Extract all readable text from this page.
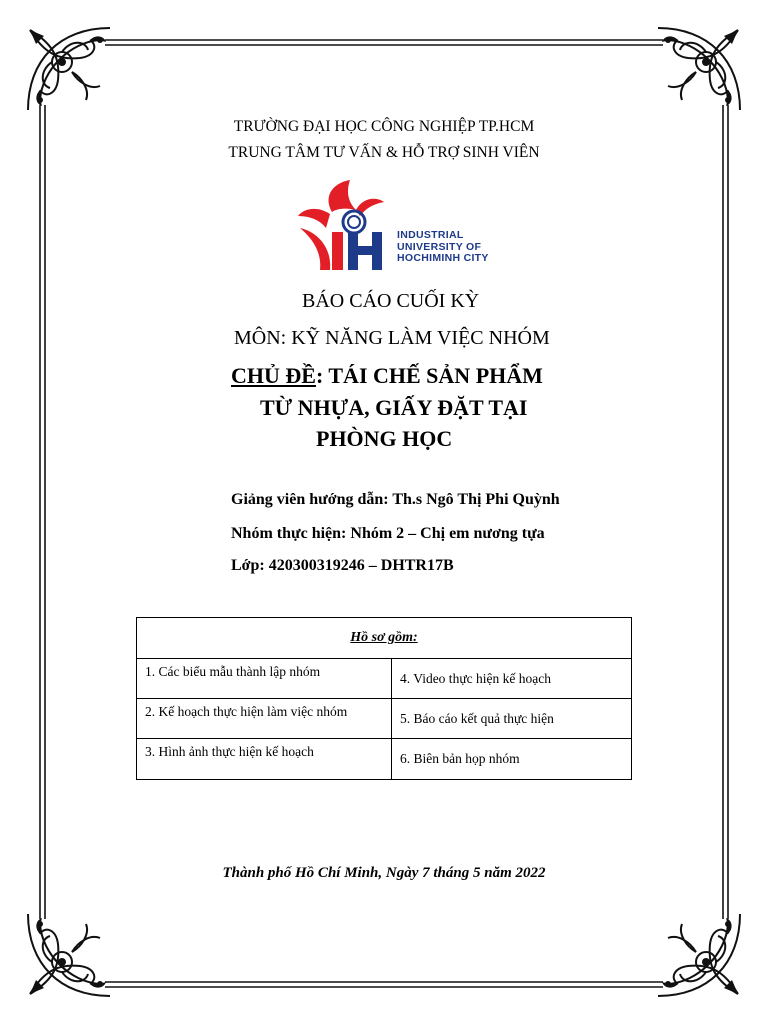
TRƯỜNG ĐẠI HỌC CÔNG NGHIỆP TP.HCM
TRUNG TÂM TƯ VẤN & HỖ TRỢ SINH VIÊN
INDUSTRIAL
UNIVERSITY OF
HOCHIMINH CITY
BÁO CÁO CUỐI KỲ
MÔN: KỸ NĂNG LÀM VIỆC NHÓM
CHỦ ĐỀ: TÁI CHẾ SẢN PHẨM
TỪ NHỰA, GIẤY ĐẶT TẠI
PHÒNG HỌC
Giảng viên hướng dẫn: Th.s Ngô Thị Phi Quỳnh
Nhóm thực hiện: Nhóm 2 – Chị em nương tựa
Lớp: 420300319246 – DHTR17B
Hồ sơ gồm:	
1. Các biểu mẫu thành lập nhóm	4. Video thực hiện kế hoạch
2. Kế hoạch thực hiện làm việc nhóm	5. Báo cáo kết quả thực hiện
3. Hình ảnh thực hiện kế hoạch	6. Biên bản họp nhóm
Thành phố Hồ Chí Minh, Ngày 7 tháng 5 năm 2022
